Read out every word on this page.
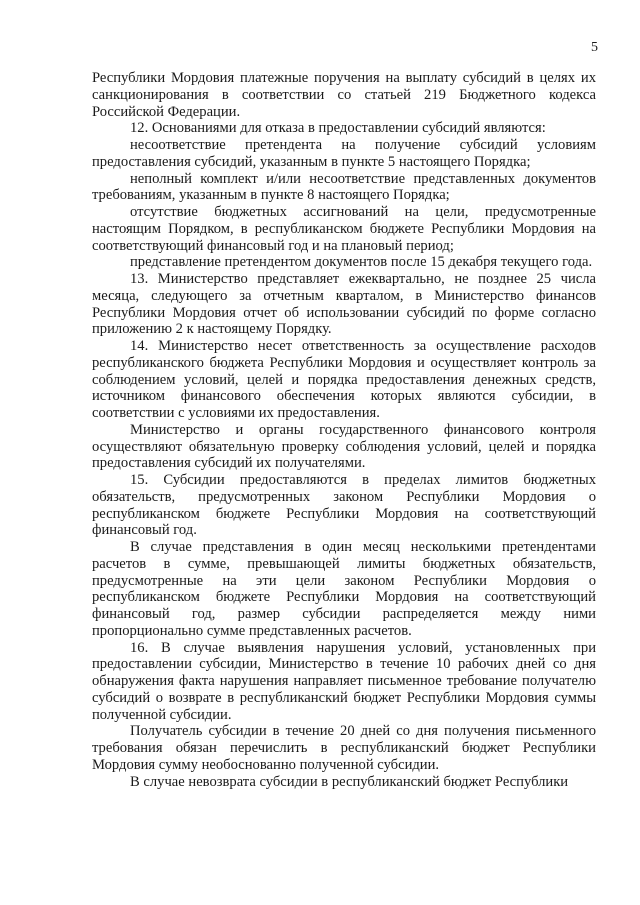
5

Республики Мордовия платежные поручения на выплату субсидий в целях их санкционирования в соответствии со статьей 219 Бюджетного кодекса Российской Федерации.

12. Основаниями для отказа в предоставлении субсидий являются:

несоответствие претендента на получение субсидий условиям предоставления субсидий, указанным в пункте 5 настоящего Порядка;

неполный комплект и/или несоответствие представленных документов требованиям, указанным в пункте 8 настоящего Порядка;

отсутствие бюджетных ассигнований на цели, предусмотренные настоящим Порядком, в республиканском бюджете Республики Мордовия на соответствующий финансовый год и на плановый период;

представление претендентом документов после 15 декабря текущего года.

13. Министерство представляет ежеквартально, не позднее 25 числа месяца, следующего за отчетным кварталом, в Министерство финансов Республики Мордовия отчет об использовании субсидий по форме согласно приложению 2 к настоящему Порядку.

14. Министерство несет ответственность за осуществление расходов республиканского бюджета Республики Мордовия и осуществляет контроль за соблюдением условий, целей и порядка предоставления денежных средств, источником финансового обеспечения которых являются субсидии, в соответствии с условиями их предоставления.

Министерство и органы государственного финансового контроля осуществляют обязательную проверку соблюдения условий, целей и порядка предоставления субсидий их получателями.

15. Субсидии предоставляются в пределах лимитов бюджетных обязательств, предусмотренных законом Республики Мордовия о республиканском бюджете Республики Мордовия на соответствующий финансовый год.

В случае представления в один месяц несколькими претендентами расчетов в сумме, превышающей лимиты бюджетных обязательств, предусмотренные на эти цели законом Республики Мордовия о республиканском бюджете Республики Мордовия на соответствующий финансовый год, размер субсидии распределяется между ними пропорционально сумме представленных расчетов.

16. В случае выявления нарушения условий, установленных при предоставлении субсидии, Министерство в течение 10 рабочих дней со дня обнаружения факта нарушения направляет письменное требование получателю субсидий о возврате в республиканский бюджет Республики Мордовия суммы полученной субсидии.

Получатель субсидии в течение 20 дней со дня получения письменного требования обязан перечислить в республиканский бюджет Республики Мордовия сумму необоснованно полученной субсидии.

В случае невозврата субсидии в республиканский бюджет Республики
